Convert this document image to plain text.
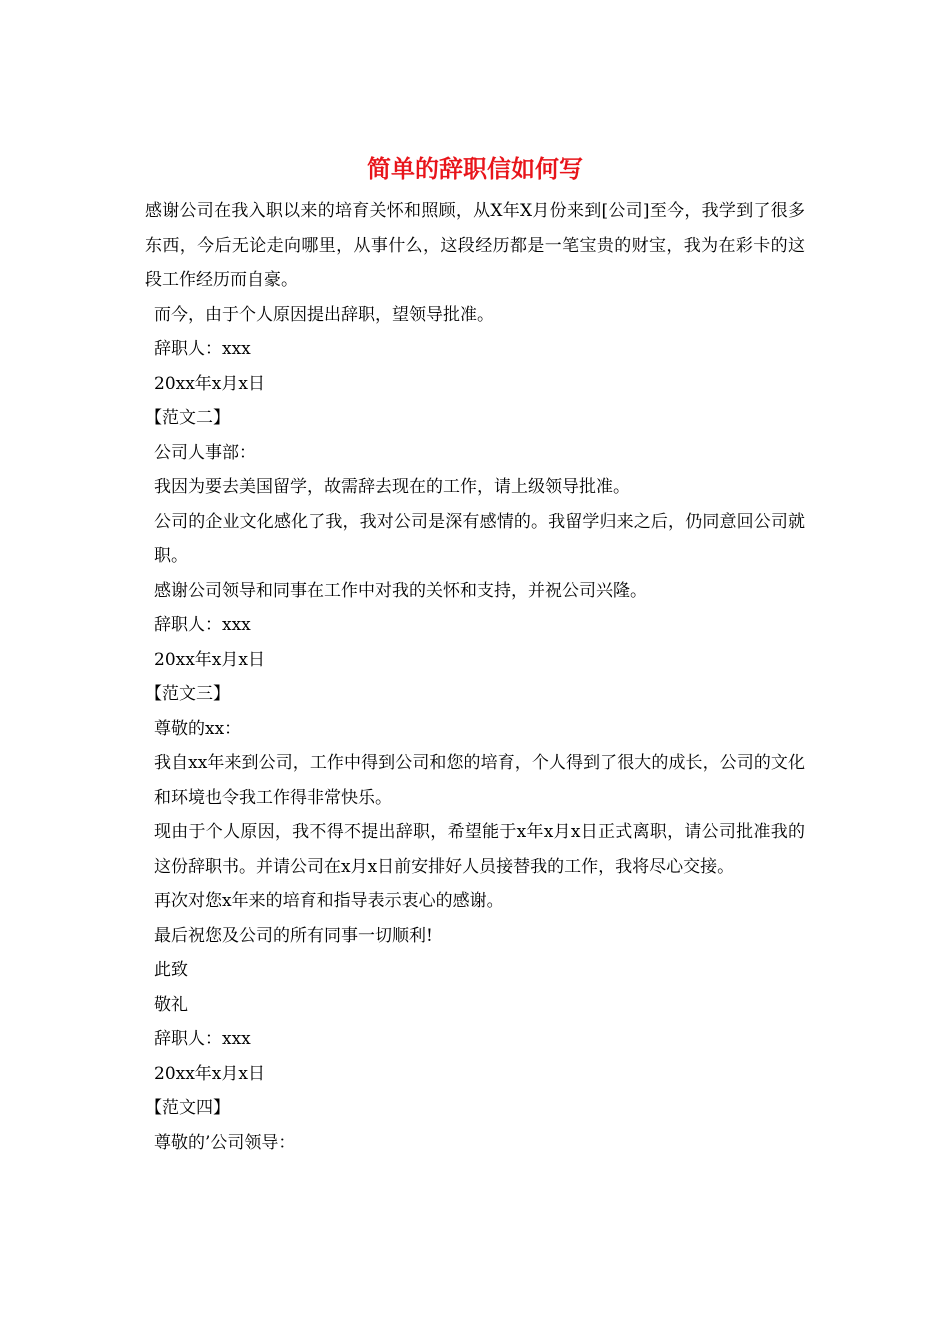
简单的辞职信如何写

感谢公司在我入职以来的培育关怀和照顾，从X年X月份来到[公司]至今，我学到了很多东西，今后无论走向哪里，从事什么，这段经历都是一笔宝贵的财宝，我为在彩卡的这段工作经历而自豪。

而今，由于个人原因提出辞职，望领导批准。

辞职人：xxx

20xx年x月x日

【范文二】

公司人事部：

我因为要去美国留学，故需辞去现在的工作，请上级领导批准。

公司的企业文化感化了我，我对公司是深有感情的。我留学归来之后，仍同意回公司就职。

感谢公司领导和同事在工作中对我的关怀和支持，并祝公司兴隆。

辞职人：xxx

20xx年x月x日

【范文三】

尊敬的xx：

我自xx年来到公司，工作中得到公司和您的培育，个人得到了很大的成长，公司的文化和环境也令我工作得非常快乐。

现由于个人原因，我不得不提出辞职，希望能于x年x月x日正式离职，请公司批准我的这份辞职书。并请公司在x月x日前安排好人员接替我的工作，我将尽心交接。

再次对您x年来的培育和指导表示衷心的感谢。

最后祝您及公司的所有同事一切顺利!

此致

敬礼

辞职人：xxx

20xx年x月x日

【范文四】

尊敬的’公司领导：
